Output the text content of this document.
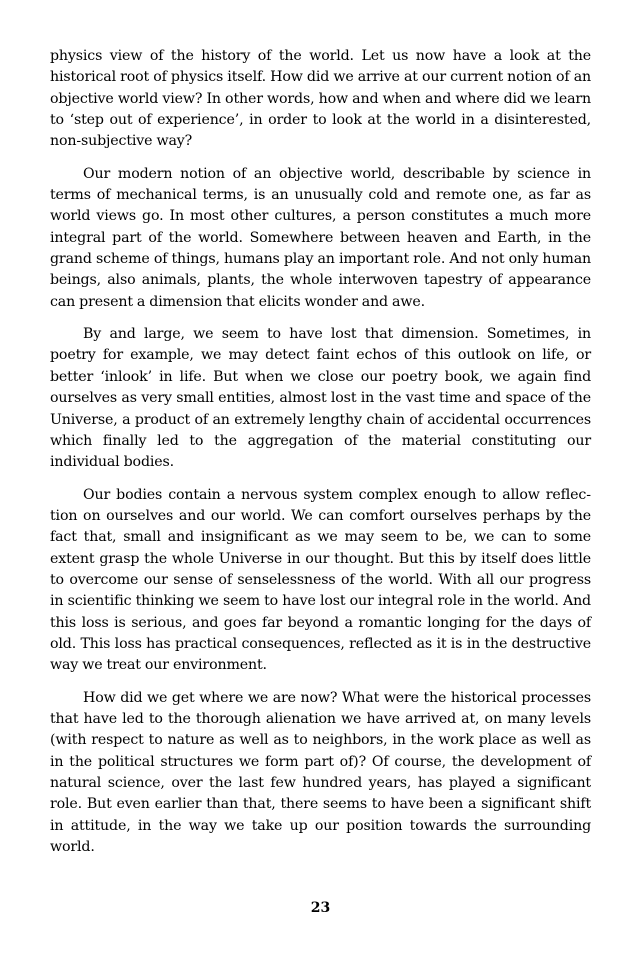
physics view of the history of the world. Let us now have a look at the historical root of physics itself. How did we arrive at our current notion of an objective world view? In other words, how and when and where did we learn to ‘step out of experience’, in order to look at the world in a disinterested, non-subjective way?

Our modern notion of an objective world, describable by science in terms of mechanical terms, is an unusually cold and remote one, as far as world views go. In most other cultures, a person constitutes a much more integral part of the world. Somewhere between heaven and Earth, in the grand scheme of things, humans play an important role. And not only human beings, also animals, plants, the whole interwoven tapestry of appearance can present a dimension that elicits wonder and awe.

By and large, we seem to have lost that dimension. Sometimes, in poetry for example, we may detect faint echos of this outlook on life, or better ‘inlook’ in life. But when we close our poetry book, we again find ourselves as very small entities, almost lost in the vast time and space of the Universe, a product of an extremely lengthy chain of accidental occurrences which finally led to the aggregation of the material constituting our individual bodies.

Our bodies contain a nervous system complex enough to allow reflection on ourselves and our world. We can comfort ourselves perhaps by the fact that, small and insignificant as we may seem to be, we can to some extent grasp the whole Universe in our thought. But this by itself does little to overcome our sense of senselessness of the world. With all our progress in scientific thinking we seem to have lost our integral role in the world. And this loss is serious, and goes far beyond a romantic longing for the days of old. This loss has practical consequences, reflected as it is in the destructive way we treat our environment.

How did we get where we are now? What were the historical processes that have led to the thorough alienation we have arrived at, on many levels (with respect to nature as well as to neighbors, in the work place as well as in the political structures we form part of)? Of course, the development of natural science, over the last few hundred years, has played a significant role. But even earlier than that, there seems to have been a significant shift in attitude, in the way we take up our position towards the surrounding world.

23
